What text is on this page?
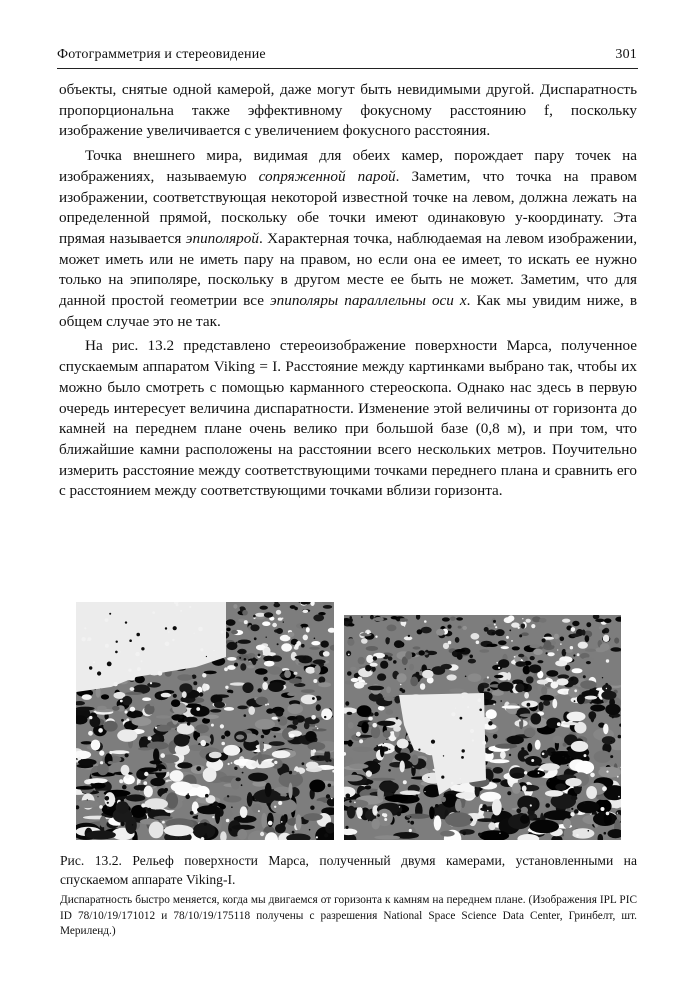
Фотограмметрия и стереовидение	301

объекты, снятые одной камерой, даже могут быть невидимыми другой. Диспаратность пропорциональна также эффективному фокусному расстоянию f, поскольку изображение увеличивается с увеличением фокусного расстояния.

Точка внешнего мира, видимая для обеих камер, порождает пару точек на изображениях, называемую сопряженной парой. Заметим, что точка на правом изображении, соответствующая некоторой известной точке на левом, должна лежать на определенной прямой, поскольку обе точки имеют одинаковую y-координату. Эта прямая называется эпиполярой. Характерная точка, наблюдаемая на левом изображении, может иметь или не иметь пару на правом, но если она ее имеет, то искать ее нужно только на эпиполяре, поскольку в другом месте ее быть не может. Заметим, что для данной простой геометрии все эпиполяры параллельны оси x. Как мы увидим ниже, в общем случае это не так.

На рис. 13.2 представлено стереоизображение поверхности Марса, полученное спускаемым аппаратом Viking = I. Расстояние между картинками выбрано так, чтобы их можно было смотреть с помощью карманного стереоскопа. Однако нас здесь в первую очередь интересует величина диспаратности. Изменение этой величины от горизонта до камней на переднем плане очень велико при большой базе (0,8 м), и при том, что ближайшие камни расположены на расстоянии всего нескольких метров. Поучительно измерить расстояние между соответствующими точками переднего плана и сравнить его с расстоянием между соответствующими точками вблизи горизонта.

Рис. 13.2. Рельеф поверхности Марса, полученный двумя камерами, установленными на спускаемом аппарате Viking-I.
Диспаратность быстро меняется, когда мы двигаемся от горизонта к камням на переднем плане. (Изображения IPL PIC ID 78/10/19/171012 и 78/10/19/175118 получены с разрешения National Space Science Data Center, Гринбелт, шт. Мериленд.)
